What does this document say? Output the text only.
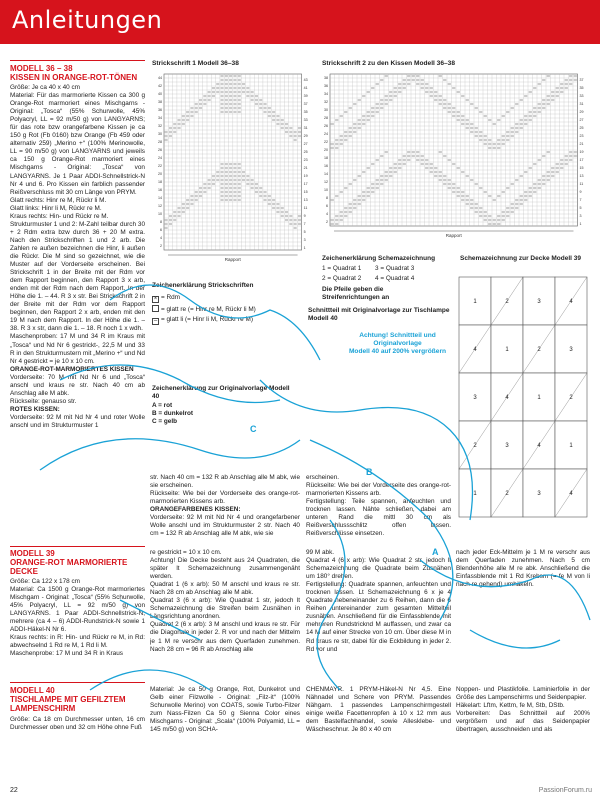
Anleitungen
MODELL 36 – 38
KISSEN IN ORANGE-ROT-TÖNEN

Größe: Je ca 40 x 40 cm

Material: Für das marmorierte Kissen ca 300 g Orange-Rot marmoriert eines Mischgarns - Original: „Tosca“ (55% Schurwolle, 45% Polyacryl, LL = 92 m/50 g) von LANGYARNS; für das rote bzw orangefarbene Kissen je ca 150 g Rot (Fb 0160) bzw Orange (Fb 459 oder alternativ 259) „Merino +“ (100% Merinowolle, LL = 90 m/50 g) von LANGYARNS und jeweils ca 150 g Orange-Rot marmoriert eines Mischgarns - Original: „Tosca“ von LANGYARNS. Je 1 Paar ADDI-Schnellstrick-N Nr 4 und 6. Pro Kissen ein farblich passender Reißverschluss mit 30 cm Länge von PRYM.

Glatt rechts: Hinr re M, Rückr li M.

Glatt links: Hinr li M, Rückr re M.

Kraus rechts: Hin- und Rückr re M.

Strukturmuster 1 und 2: M-Zahl teilbar durch 30 + 2 Rdm extra bzw durch 36 + 20 M extra. Nach den Strickschriften 1 und 2 arb. Die Zahlen re außen bezeichnen die Hinr, li außen die Rückr. Die M sind so gezeichnet, wie die Muster auf der Vorderseite erscheinen. Bei Strickschrift 1 in der Breite mit der Rdm vor dem Rapport beginnen, den Rapport 3 x arb, enden mit der Rdm nach dem Rapport. In der Höhe die 1. – 44. R 3 x str. Bei Strickschrift 2 in der Breite mit der Rdm vor dem Rapport beginnen, den Rapport 2 x arb, enden mit den 19 M nach dem Rapport. In der Höhe die 1. – 38. R 3 x str, dann die 1. – 18. R noch 1 x wdh.

Maschenproben: 17 M und 34 R im Kraus mit „Tosca“ und Nd Nr 6 gestrickt-, 22,5 M und 33 R in den Strukturmustern mit „Merino +“ und Nd Nr 4 gestrickt = je 10 x 10 cm.

ORANGE-ROT-MARMORIERTES KISSEN

Vorderseite: 70 M mit Nd Nr 6 und „Tosca“ anschl und kraus re str. Nach 40 cm ab Anschlag alle M abk.

Rückseite: genauso str.

ROTES KISSEN:

Vorderseite: 92 M mit Nd Nr 4 und roter Wolle anschl und im Strukturmuster 1

Strickschrift 1 Modell 36–38
44
42
40
38
36
34
32
30
28
26
24
22
20
18
16
14
12
10
8
6
4
2
43
41
39
37
35
33
31
29
27
25
23
21
19
17
15
13
11
9
7
5
3
1
Rapport
Strickschrift 2 zu den Kissen Modell 36–38
38
36
34
32
30
28
26
24
22
20
18
16
14
12
10
8
6
4
2
37
35
33
31
29
27
25
23
21
19
17
15
13
11
9
7
5
3
1
Rapport
Zeichenerklärung Strickschriften
× = Rdm
= glatt re (= Hinr re M, Rückr li M)
– = glatt li (= Hinr li M, Rückr re M)
Zeichenerklärung Schemazeichnung
1 = Quadrat 1 3 = Quadrat 3
2 = Quadrat 2 4 = Quadrat 4
Die Pfeile geben die Streifenrichtungen an
Schnittteil mit Originalvorlage zur Tischlampe Modell 40
Achtung! Schnittteil und
Originalvorlage
Modell 40 auf 200% vergrößern
Schemazeichnung zur Decke Modell 39
1	2	3	4
4	1	2	3
3	4	1	2
2	3	4	1
1	2	3	4
Zeichenerklärung zur Originalvorlage Modell 40
A = rot
B = dunkelrot
C = gelb

str. Nach 40 cm = 132 R ab Anschlag alle M abk, wie sie erscheinen.

Rückseite: Wie bei der Vorderseite des orange-rot-marmorierten Kissens arb.

ORANGEFARBENES KISSEN:

Vorderseite: 92 M mit Nd Nr 4 und orangefarbener Wolle anschl und im Strukturmuster 2 str. Nach 40 cm = 132 R ab Anschlag alle M abk, wie sie

erscheinen.

Rückseite: Wie bei der Vorderseite des orange-rot-marmorierten Kissens arb.

Fertigstellung: Teile spannen, anfeuchten und trocknen lassen. Nähte schließen, dabei am unteren Rand die mittl 30 cm als Reißverschlussschlitz offen lassen. Reißverschlüsse einsetzen.

MODELL 39
ORANGE-ROT MARMORIERTE DECKE

Größe: Ca 122 x 178 cm

Material: Ca 1500 g Orange-Rot marmoriertes Mischgarn - Original: „Tosca“ (55% Schurwolle, 45% Polyacryl, LL = 92 m/50 g) von LANGYARNS. 1 Paar ADDI-Schnellstrick-N, mehrere (ca 4 – 6) ADDI-Rundstrick-N sowie 1 ADDI-Häkel-N Nr 6.

Kraus rechts: in R: Hin- und Rückr re M, in Rd: abwechselnd 1 Rd re M, 1 Rd li M.

Maschenprobe: 17 M und 34 R in Kraus

re gestrickt = 10 x 10 cm.

Achtung! Die Decke besteht aus 24 Quadraten, die später lt Schemazeichnung zusammengenäht werden.

Quadrat 1 (6 x arb): 50 M anschl und kraus re str. Nach 28 cm ab Anschlag alle M abk.

Quadrat 3 (6 x arb): Wie Quadrat 1 str, jedoch lt Schemazeichnung die Streifen beim Zusnähen in Längsrichtung anordnen.

Quadrat 2 (6 x arb): 3 M anschl und kraus re str. Für die Diagonale in jeder 2. R vor und nach der Mittelm je 1 M re verschr aus dem Querfaden zunehmen. Nach 28 cm = 96 R ab Anschlag alle

99 M abk.

Quadrat 4 (6 x arb): Wie Quadrat 2 str, jedoch lt Schemazeichnung die Quadrate beim Zusnähen um 180° drehen.

Fertigstellung: Quadrate spannen, anfeuchten und trocknen lassen. Lt Schemazeichnung 6 x je 4 Quadrate nebeneinander zu 6 Reihen, dann die 6 Reihen untereinander zum gesamten Mittelteil zusnähen. Anschließend für die Einfassblende mit mehreren Rundstricknd M auffassen, und zwar ca 14 M auf einer Strecke von 10 cm. Über diese M in Rd kraus re str, dabei für die Eckbildung in jeder 2. Rd vor und

nach jeder Eck-Mittelm je 1 M re verschr aus dem Querfaden zunehmen. Nach 5 cm Blendenhöhe alle M re abk. Anschließend die Einfassblende mit 1 Rd Krebsm (= fe M von li nach re gehend) umhäkeln.

MODELL 40
TISCHLAMPE MIT GEFILZTEM LAMPENSCHIRM

Größe: Ca 18 cm Durchmesser unten, 16 cm Durchmesser oben und 32 cm Höhe ohne Fuß

Material: Je ca 50 g Orange, Rot, Dunkelrot und Gelb einer Filzwolle - Original: „Filz-it“ (100% Schurwolle Merino) von COATS, sowie Turbo-Filzer zum Nass-Filzen Ca 50 g Sienna Color eines Mischgarns - Original: „Scala“ (100% Polyamid, LL = 145 m/50 g) von SCHA-

CHENMAYR. 1 PRYM-Häkel-N Nr 4,5. Eine Nähnadel und Schere von PRYM. Passendes Nähgarn. 1 passendes Lampenschirmgestell einige weiße Facettenropfen à 10 x 12 mm aus dem Bastelfachhandel, sowie Allesklebe- und Wäscheschnur. Je 80 x 40 cm

Noppen- und Plastikfolie. Laminierfolie in der Größe des Lampenschirms und Seidenpapier.

Häkelart: Lftm, Kettm, fe M, Stb, DStb.

Vorbereiten: Das Schnittteil auf 200% vergrößern und auf das Seidenpapier übertragen, ausschneiden und als

22	PassionForum.ru
A
B
C
